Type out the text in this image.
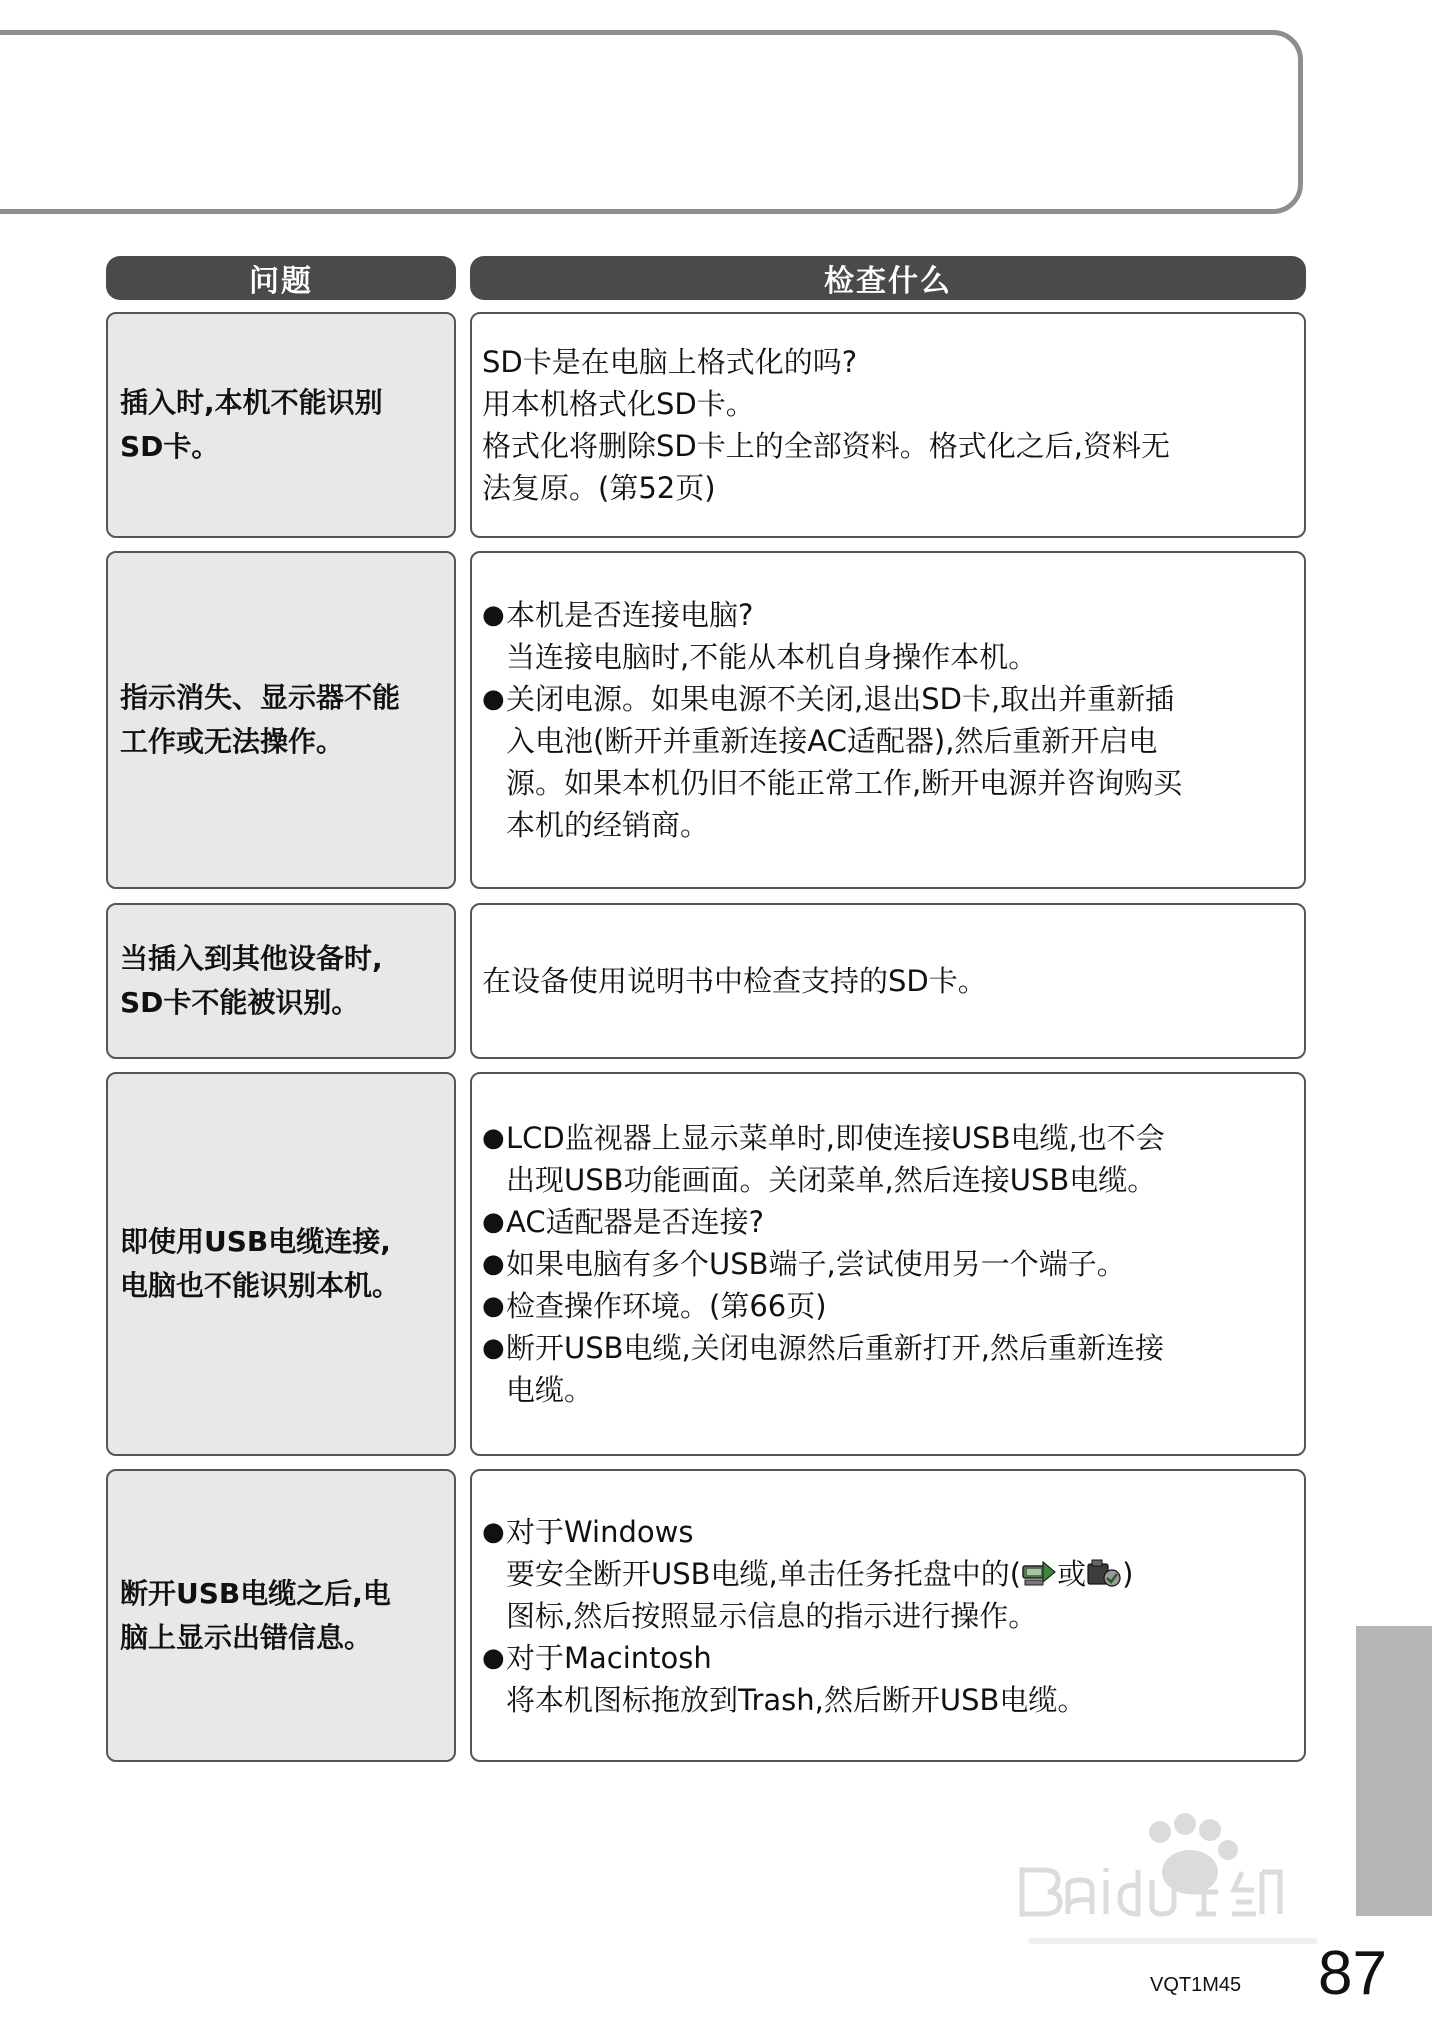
问题	检查什么
插入时,本机不能识别
SD卡。

SD卡是在电脑上格式化的吗?

用本机格式化SD卡。

格式化将删除SD卡上的全部资料。格式化之后,资料无

法复原。(第52页)

指示消失、显示器不能
工作或无法操作。
● 本机是否连接电脑?
当连接电脑时,不能从本机自身操作本机。
● 关闭电源。如果电源不关闭,退出SD卡,取出并重新插
入电池(断开并重新连接AC适配器),然后重新开启电
源。如果本机仍旧不能正常工作,断开电源并咨询购买
本机的经销商。
当插入到其他设备时,
SD卡不能被识别。

在设备使用说明书中检查支持的SD卡。

即使用USB电缆连接,
电脑也不能识别本机。
● LCD监视器上显示菜单时,即使连接USB电缆,也不会
出现USB功能画面。关闭菜单,然后连接USB电缆。
● AC适配器是否连接?
● 如果电脑有多个USB端子,尝试使用另一个端子。
● 检查操作环境。(第66页)
● 断开USB电缆,关闭电源然后重新打开,然后重新连接
电缆。
断开USB电缆之后,电
脑上显示出错信息。
● 对于Windows
要安全断开USB电缆,单击任务托盘中的( 或 )
图标,然后按照显示信息的指示进行操作。
● 对于Macintosh
将本机图标拖放到Trash,然后断开USB电缆。
VQT1M45 87
